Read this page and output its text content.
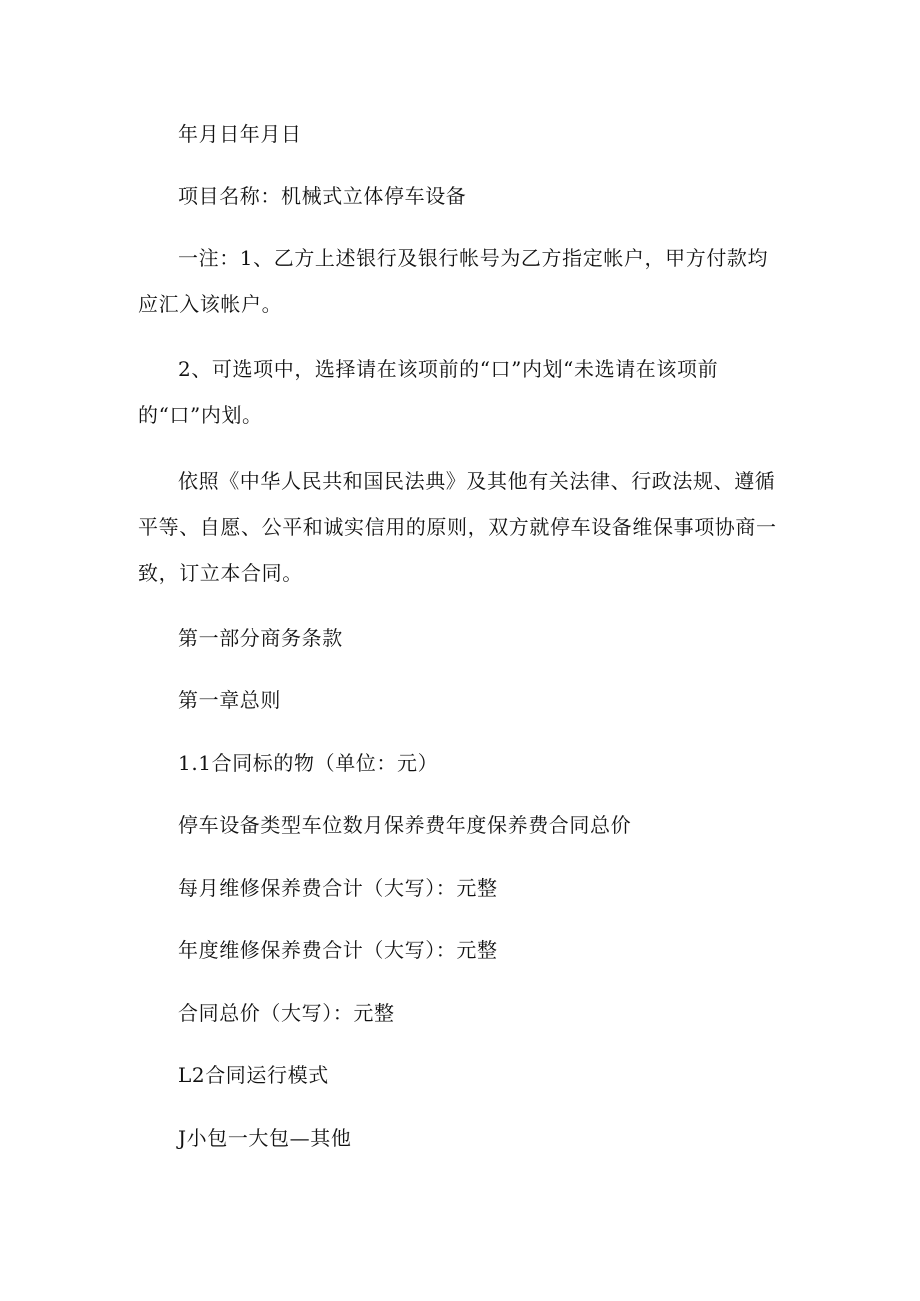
年月日年月日

项目名称：机械式立体停车设备

一注：1、乙方上述银行及银行帐号为乙方指定帐户，甲方付款均应汇入该帐户。

2、可选项中，选择请在该项前的“口”内划“未选请在该项前的“口”内划。

依照《中华人民共和国民法典》及其他有关法律、行政法规、遵循平等、自愿、公平和诚实信用的原则，双方就停车设备维保事项协商一致，订立本合同。

第一部分商务条款

第一章总则

1.1合同标的物（单位：元）

停车设备类型车位数月保养费年度保养费合同总价

每月维修保养费合计（大写）：元整

年度维修保养费合计（大写）：元整

合同总价（大写）：元整

L2合同运行模式

J小包一大包—其他
